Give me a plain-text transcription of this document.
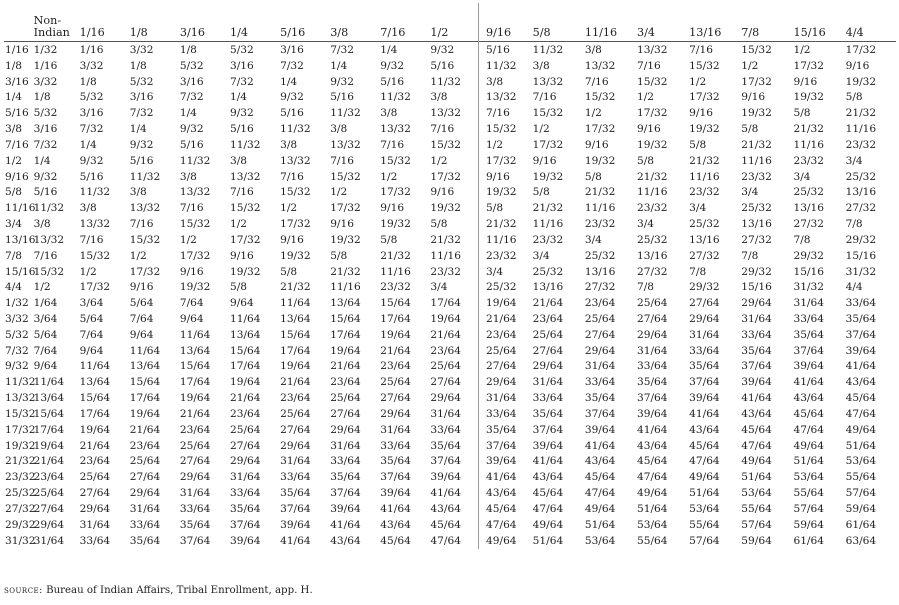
	Non-
Indian	1/16	1/8	3/16	1/4	5/16	3/8	7/16	1/2	9/16	5/8	11/16	3/4	13/16	7/8	15/16	4/4
1/16	1/32	1/16	3/32	1/8	5/32	3/16	7/32	1/4	9/32	5/16	11/32	3/8	13/32	7/16	15/32	1/2	17/32
1/8	1/16	3/32	1/8	5/32	3/16	7/32	1/4	9/32	5/16	11/32	3/8	13/32	7/16	15/32	1/2	17/32	9/16
3/16	3/32	1/8	5/32	3/16	7/32	1/4	9/32	5/16	11/32	3/8	13/32	7/16	15/32	1/2	17/32	9/16	19/32
1/4	1/8	5/32	3/16	7/32	1/4	9/32	5/16	11/32	3/8	13/32	7/16	15/32	1/2	17/32	9/16	19/32	5/8
5/16	5/32	3/16	7/32	1/4	9/32	5/16	11/32	3/8	13/32	7/16	15/32	1/2	17/32	9/16	19/32	5/8	21/32
3/8	3/16	7/32	1/4	9/32	5/16	11/32	3/8	13/32	7/16	15/32	1/2	17/32	9/16	19/32	5/8	21/32	11/16
7/16	7/32	1/4	9/32	5/16	11/32	3/8	13/32	7/16	15/32	1/2	17/32	9/16	19/32	5/8	21/32	11/16	23/32
1/2	1/4	9/32	5/16	11/32	3/8	13/32	7/16	15/32	1/2	17/32	9/16	19/32	5/8	21/32	11/16	23/32	3/4
9/16	9/32	5/16	11/32	3/8	13/32	7/16	15/32	1/2	17/32	9/16	19/32	5/8	21/32	11/16	23/32	3/4	25/32
5/8	5/16	11/32	3/8	13/32	7/16	15/32	1/2	17/32	9/16	19/32	5/8	21/32	11/16	23/32	3/4	25/32	13/16
11/16	11/32	3/8	13/32	7/16	15/32	1/2	17/32	9/16	19/32	5/8	21/32	11/16	23/32	3/4	25/32	13/16	27/32
3/4	3/8	13/32	7/16	15/32	1/2	17/32	9/16	19/32	5/8	21/32	11/16	23/32	3/4	25/32	13/16	27/32	7/8
13/16	13/32	7/16	15/32	1/2	17/32	9/16	19/32	5/8	21/32	11/16	23/32	3/4	25/32	13/16	27/32	7/8	29/32
7/8	7/16	15/32	1/2	17/32	9/16	19/32	5/8	21/32	11/16	23/32	3/4	25/32	13/16	27/32	7/8	29/32	15/16
15/16	15/32	1/2	17/32	9/16	19/32	5/8	21/32	11/16	23/32	3/4	25/32	13/16	27/32	7/8	29/32	15/16	31/32
4/4	1/2	17/32	9/16	19/32	5/8	21/32	11/16	23/32	3/4	25/32	13/16	27/32	7/8	29/32	15/16	31/32	4/4
1/32	1/64	3/64	5/64	7/64	9/64	11/64	13/64	15/64	17/64	19/64	21/64	23/64	25/64	27/64	29/64	31/64	33/64
3/32	3/64	5/64	7/64	9/64	11/64	13/64	15/64	17/64	19/64	21/64	23/64	25/64	27/64	29/64	31/64	33/64	35/64
5/32	5/64	7/64	9/64	11/64	13/64	15/64	17/64	19/64	21/64	23/64	25/64	27/64	29/64	31/64	33/64	35/64	37/64
7/32	7/64	9/64	11/64	13/64	15/64	17/64	19/64	21/64	23/64	25/64	27/64	29/64	31/64	33/64	35/64	37/64	39/64
9/32	9/64	11/64	13/64	15/64	17/64	19/64	21/64	23/64	25/64	27/64	29/64	31/64	33/64	35/64	37/64	39/64	41/64
11/32	11/64	13/64	15/64	17/64	19/64	21/64	23/64	25/64	27/64	29/64	31/64	33/64	35/64	37/64	39/64	41/64	43/64
13/32	13/64	15/64	17/64	19/64	21/64	23/64	25/64	27/64	29/64	31/64	33/64	35/64	37/64	39/64	41/64	43/64	45/64
15/32	15/64	17/64	19/64	21/64	23/64	25/64	27/64	29/64	31/64	33/64	35/64	37/64	39/64	41/64	43/64	45/64	47/64
17/32	17/64	19/64	21/64	23/64	25/64	27/64	29/64	31/64	33/64	35/64	37/64	39/64	41/64	43/64	45/64	47/64	49/64
19/32	19/64	21/64	23/64	25/64	27/64	29/64	31/64	33/64	35/64	37/64	39/64	41/64	43/64	45/64	47/64	49/64	51/64
21/32	21/64	23/64	25/64	27/64	29/64	31/64	33/64	35/64	37/64	39/64	41/64	43/64	45/64	47/64	49/64	51/64	53/64
23/32	23/64	25/64	27/64	29/64	31/64	33/64	35/64	37/64	39/64	41/64	43/64	45/64	47/64	49/64	51/64	53/64	55/64
25/32	25/64	27/64	29/64	31/64	33/64	35/64	37/64	39/64	41/64	43/64	45/64	47/64	49/64	51/64	53/64	55/64	57/64
27/32	27/64	29/64	31/64	33/64	35/64	37/64	39/64	41/64	43/64	45/64	47/64	49/64	51/64	53/64	55/64	57/64	59/64
29/32	29/64	31/64	33/64	35/64	37/64	39/64	41/64	43/64	45/64	47/64	49/64	51/64	53/64	55/64	57/64	59/64	61/64
31/32	31/64	33/64	35/64	37/64	39/64	41/64	43/64	45/64	47/64	49/64	51/64	53/64	55/64	57/64	59/64	61/64	63/64
source: Bureau of Indian Affairs, Tribal Enrollment, app. H.
